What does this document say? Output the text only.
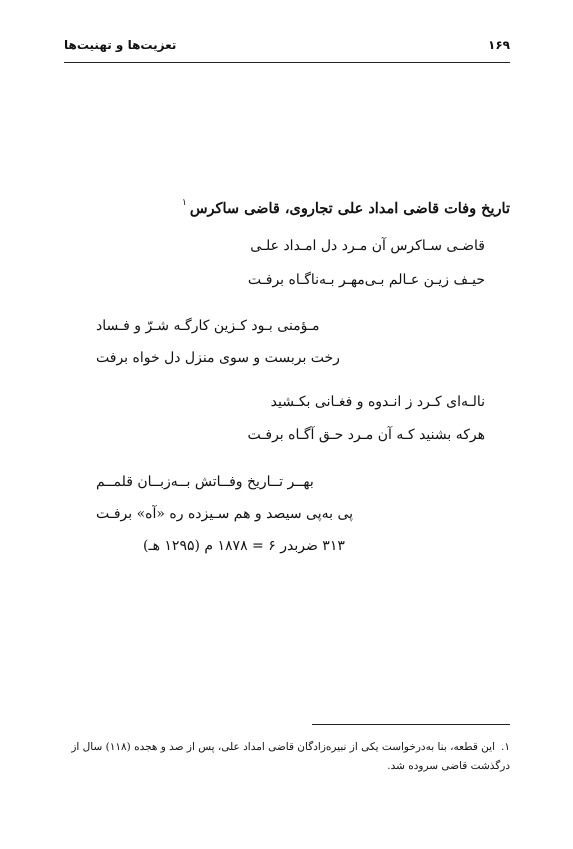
۱۶۹
تعزیت‌ها و تهنیت‌ها
تاریخ وفات قاضی امداد علی تجاروی، قاضی ساکرس$^۱$
قاضـی سـاکرس آن مـرد دل امـداد علـی
حیـف زیـن عـالم بـی‌مهـر بـه‌ناگـاه برفـت
مـؤمنی بـود کـزین کارگـه شـرّ و فـساد
رخت بربست و سوی منزل دل خواه برفت
نالـه‌ای کـرد ز انـدوه و فغـانی بکـشید
هرکه بشنید کـه آن مـرد حـق آگـاه برفـت
بهــر تــاریخ وفــاتش بــه‌زبــان قلمــم
پی به‌پی سیصد و هم سـیزده ره «آه» برفـت
۳۱۳ ضربدر ۶ = ۱۸۷۸ م (۱۲۹۵ هـ)
۱.این قطعه، بنا به‌درخواست یکی از نبیره‌زادگان قاضی امداد علی، پس از صد و هجده (۱۱۸) سال از درگذشت قاضی سروده شد.
